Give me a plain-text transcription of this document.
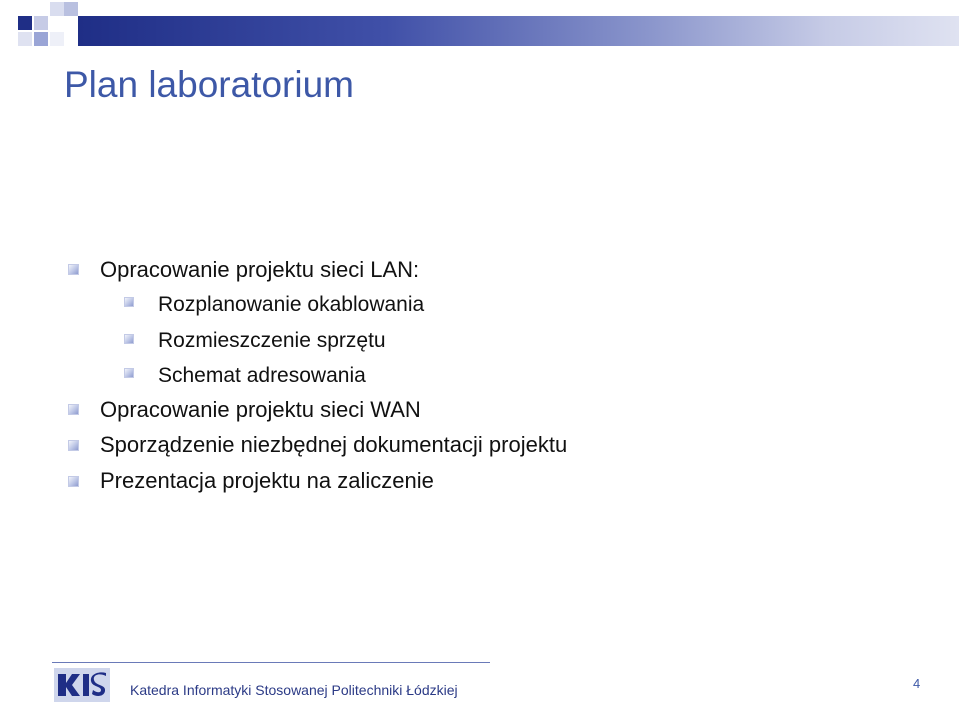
Plan laboratorium
Opracowanie projektu sieci LAN:
Rozplanowanie okablowania
Rozmieszczenie sprzętu
Schemat adresowania
Opracowanie projektu sieci WAN
Sporządzenie niezbędnej dokumentacji projektu
Prezentacja projektu na zaliczenie
Katedra Informatyki Stosowanej Politechniki Łódzkiej	4
